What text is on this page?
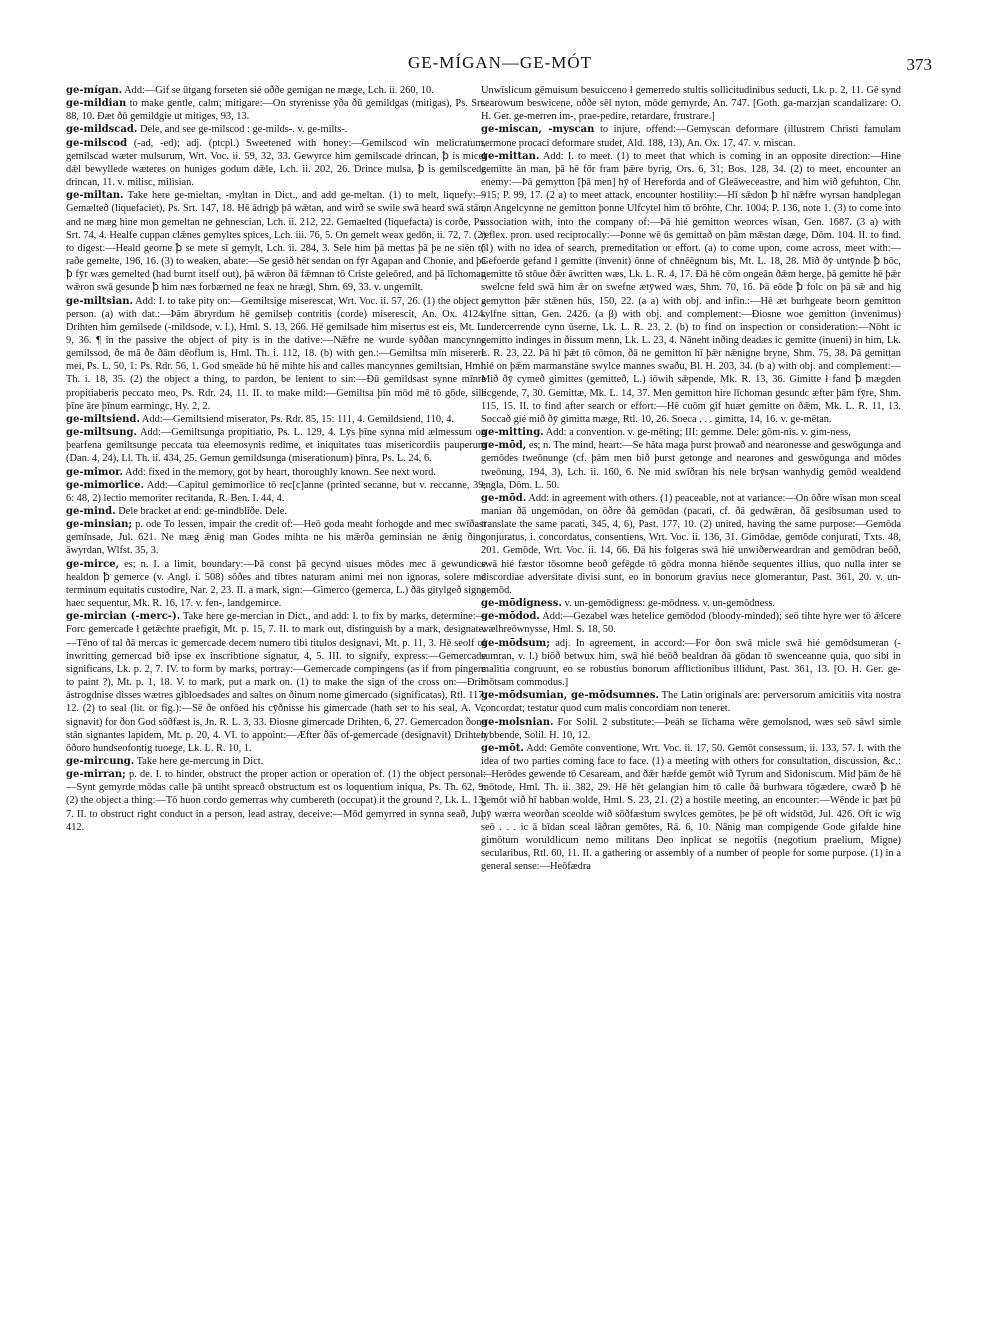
GE-MÍGAN—GE-MÓT	373

ge-mígan. Add:—Gif se ūtgang forseten sié oððe gemígan ne mæge, Lch. ii. 260, 10.

ge-mildian to make gentle, calm; mitigare:—On styrenisse ȳða ðū gemildgas (mitigas), Ps. Srt. 88, 10. Ðæt ðū gemildgie ut mitiges, 93, 13.

ge-mildscad. Dele, and see ge-milscod : ge-milds-. v. ge-milts-.

ge-milscod (-ad, -ed); adj. (ptcpl.) Sweetened with honey:—Gemilscod wīn melicratum, gemilscad wæter mulsurum, Wrt. Voc. ii. 59, 32, 33. Gewyrce him gemilscade drincan, ꝥ is micel dǣl bewyllede wæteres on huniges godum dǣle, Lch. ii. 202, 26. Drince mulsa, ꝥ is gemilscede drincan, 11. v. milisc, milisian.

ge-miltan. Take here ge-mieltan, -myltan in Dict., and add ge-meltan. (1) to melt, liquefy:—Gemælteð (liquefaciet), Ps. Srt. 147, 18. Hē ādrigþ þā wǣtan, and wirð se swile swā heard swā stān, and ne mæg hine mon gemeltan ne gehnescian, Lch. ii. 212, 22. Gemaelted (liquefacta) is corðe, Ps. Srt. 74, 4. Healfe cuppan clǣnes gemyltes spices, Lch. iii. 76, 5. On gemelt weax gedōn, ii. 72, 7. (2) to digest:—Heald georne ꝥ se mete sī gemylt, Lch. ii. 284, 3. Sele him þā mettas þā þe ne siēn tō raðe gemelte, 196, 16. (3) to weaken, abate:—Se gesið hēt sendan on fȳr Agapan and Chonie, and þā ꝥ fȳr wæs gemelted (had burnt itself out), þā wǣron ðā fǣmnan tō Criste geleōred, and þā līchoman wǣron swā gesunde ꝥ him næs forbærned ne feax ne hrægl, Shm. 69, 33. v. ungemilt.

ge-miltsian. Add: I. to take pity on:—Gemiltsige miserescat, Wrt. Voc. ii. 57, 26. (1) the object a person. (a) with dat.:—Þām ābryrdum hē gemilseþ contritis (corde) miserescit, An. Ox. 4124. Drihten him gemilsede (-mildsode, v. l.), Hml. S. 13, 266. Hē gemilsade him misertus est eis, Mt. L. 9, 36. ¶ in the passive the object of pity is in the dative:—Nǣfre ne wurde syððan mancynne gemilssod, ðe mā ðe ðām dēoflum is, Hml. Th. i. 112, 18. (b) with gen.:—Gemiltsa mīn miserere mei, Ps. L. 50, 1: Ps. Rdr. 56, 1. God smeāde hū hē mihte his and calles mancynnes gemiltsian, Hml. Th. i. 18, 35. (2) the object a thing, to pardon, be lenient to sin:—Ðū gemildsast synne mīnre propitiaberis peccato meo, Ps. Rdr. 24, 11. II. to make mild:—Gemiltsa þīn mōd mē tō gōde, sile þīne āre þīnum earmingc, Hy. 2, 2.

ge-miltsiend. Add:—Gemiltsiend miserator, Ps. Rdr. 85, 15: 111, 4. Gemildsiend, 110, 4.

ge-miltsung. Add:—Gemiltsunga propitiatio, Ps. L. 129, 4. Lȳs þīne synna mid ælmessum on þearfena gemiltsunge peccata tua eleemosynis redime, et iniquitates tuas misericordiis pauperum (Dan. 4, 24), Ll. Th. ii. 434, 25. Gemun gemildsunga (miserationum) þīnra, Ps. L. 24, 6.

ge-mimor. Add: fixed in the memory, got by heart, thoroughly known. See next word.

ge-mimorlice. Add:—Capitul gemimorlice tō rec[c]anne (printed secanne, but v. reccanne, 39, 6: 48, 2) lectio memoriter recitanda, R. Ben. I. 44, 4.

ge-mind. Dele bracket at end: ge-mindblīðe. Dele.

ge-minsian; p. ode To lessen, impair the credit of:—Heō goda meaht forhogde and mec swīðast gemīnsade, Jul. 621. Ne mæg ǣnig man Godes mihta ne his mǣrða geminsian ne ǣnig ðing āwyrdan, Wlfst. 35, 3.

ge-mirce, es; n. I. a limit, boundary:—Þā const þā gecynd uisues mōdes mec ā gewundice healdon ꝥ gemerce (v. Angl. i. 508) sōðes and tibtes naturam animi mei non ignoras, solere me terminum equitatis custodire, Nar. 2, 23. II. a mark, sign:—Gimerco (gemerca, L.) ðās gitylgeð signa haec sequentur, Mk. R. 16, 17. v. fen-, landgemirce.

ge-mircian (-merc-). Take here ge-mercian in Dict., and add: I. to fix by marks, determine:—Forc gemercade ł getǣchte praefigit, Mt. p. 15, 7. II. to mark out, distinguish by a mark, designate:—Tēno of tal ðā mercas ic gemercade decem numero tibi titulos designavi, Mt. p. 11, 3. Hē seolf of inwritting gemercad bið ipse ex inscribtione signatur, 4, 5. III. to signify, express:—Gemercade significans, Lk. p. 2, 7. IV. to form by marks, portray:—Gemercade compingens (as if from pingere to paint ?), Mt. p. 1, 18. V. to mark, put a mark on. (1) to make the sign of the cross on:—Ðrih āstrogdnise disses wætres gibloedsades and saltes on ðinum nome gimercado (significatas), Rtl. 117, 12. (2) to seal (lit. or fig.):—Sē ðe onfōed his cȳðnisse his gimercade (hath set to his seal, A. V.; signavit) for ðon God sōðfæst is, Jn. R. L. 3, 33. Ðiosne gimercade Drihten, 6, 27. Gemercadon ðone stān signantes lapidem, Mt. p. 20, 4. VI. to appoint:—Æfter ðās of-gemercade (designavit) Drihten ōðoro hundseofontig tuoege, Lk. L. R. 10, 1.

ge-mircung. Take here ge-mercung in Dict.

ge-mirran; p. de. I. to hinder, obstruct the proper action or operation of. (1) the object personal:—Synt gemyrde mōdas calle þā untiht spreacð obstructum est os loquentium iniqua, Ps. Th. 62, 9. (2) the object a thing:—Tō huon cordo gemerras why cumbereth (occupat) it the ground ?, Lk. L. 13, 7. II. to obstruct right conduct in a person, lead astray, deceive:—Mōd gemyrred in synna seað, Jul. 412.

Unwīslicum gēmuisum besuicceno ł gemerredo stultis sollicitudinibus seducti, Lk. p. 2, 11. Gē synd searowum beswicene, oððe sēl nyton, mōde gemyrde, An. 747. [Goth. ga-marzjan scandalizare: O. H. Ger. ge-merren im-, prae-pedire, retardare, frustrare.]

ge-miscan, -myscan to injure, offend:—Gemyscan deformare (illustrem Christi famulam sermone procaci deformare studet, Ald. 188, 13), An. Ox. 17, 47. v. miscan.

ge-mittan. Add: I. to meet. (1) to meet that which is coming in an opposite direction:—Hine gemitte ān man, þā hē fōr fram þǣre byrig, Ors. 6, 31; Bos. 128, 34. (2) to meet, encounter an enemy:—Þā gemytton [þā men] hȳ of Hereforda and of Gleāweceastre, and him wið gefuhton, Chr. 915; P. 99, 17. (2 a) to meet attack, encounter hostility:—Hī sǣdon ꝥ hī nǣfre wyrsan handplegan on Angelcynne ne gemitton þonne Ulfcytel him tō brōhte, Chr. 1004; P. 136, note 1. (3) to come into association with, into the company of:—Þā hié gemitton weorces wīsan, Gen. 1687. (3 a) with reflex. pron. used reciprocally:—Þonne wē ūs gemittað on þām mǣstan dæge, Dōm. 104. II. to find. (1) with no idea of search, premeditation or effort. (a) to come upon, come across, meet with:—Gefoerde gefand ł gemitte (invenit) ōnne of cħnēēgnum bis, Mt. L. 18, 28. Mið ðȳ untȳnde ꝥ bōc, gemitte tō stōue ðǣr āwritten wæs, Lk. L. R. 4, 17. Ðā hē cōm ongeān ðǣm herge, þā gemitte hē þǣr swelcne feld swā him ǣr on swefne ætȳwed wæs, Shm. 70, 16. Þā eōde ꝥ folc on þā sǣ and hig gemytton þǣr stǣnen hūs, 150, 22. (a a) with obj. and infin.:—Hē æt burhgeate beorn gemitton sylfne sittan, Gen. 2426. (a β) with obj. and complement:—Ðiosne woe gemitton (invenimus) undercerrende cynn ūserne, Lk. L. R. 23, 2. (b) to find on inspection or consideration:—Nōht ic gemitto indinges in ðissum menn, Lk. L. 23, 4. Nāneht inðing deadæs ic gemitte (inueni) in him, Lk. L. R. 23, 22. Þā hī þǣt tō cōmon, ðā ne gemitton hī þǣr nǣnigne bryne, Shm. 75, 38. Þā gemittan hié on þǣm marmanstāne swylce mannes swaðu, Bl. H. 203, 34. (b a) with obj. and complement:—Mið ðȳ cymeð gimittes (gemitteð, L.) iōwih sǣpende, Mk. R. 13, 36. Gimitte ł fand ꝥ mægden licgende, 7, 30. Gemittæ, Mk. L. 14, 37. Men gemitton hire līchoman gesundc æfter þām fȳre, Shm. 115, 15. II. to find after search or effort:—Hē cuōm gif huæt gemitte on ðǣm, Mk. L. R. 11, 13. Soccað gié mið ðȳ gimitta mæge, Rtl. 10, 26. Soeca . . . gimitta, 14, 16. v. ge-mētan.

ge-mitting. Add: a convention. v. ge-mēting; III: gemme. Dele: gōm-nis. v. gim-ness,

ge-mōd, es; n. The mind, heart:—Se hāta maga þurst þrowað and nearonesse and geswōgunga and gemōdes tweōnunge (cf. þām men bið þurst getonge and nearones and geswōgunga and mōdes tweōnung, 194, 3), Lch. ii. 160, 6. Ne mid swīðran his nele brȳsan wanhydig gemōd wealdend engla, Dōm. L. 50.

ge-mōd. Add: in agreement with others. (1) peaceable, not at variance:—On ōðre wīsan mon sceal manian ðā ungemōdan, on ōðre ðā gemōdan (pacati, cf. ðā gedwǣran, ðā gesibsuman used to translate the same pacati, 345, 4, 6), Past. 177, 10. (2) united, having the same purpose:—Gemōda conjuratus, i. concordatus, consentiens, Wrt. Voc. ii. 136, 31. Gimōdae, gemōde conjurati, Txts. 48, 201. Gemōde, Wrt. Voc. ii. 14, 66. Ðā his folgeras swā hié unwiðerweardran and gemōdran beōð, swā hié fæstor tōsomne beoð gefēgde tō gōdra monna hiēnðe sequentes illius, quo nulla inter se discordiae adversitate divisi sunt, eo in bonorum gravius nece glomerantur, Past. 361, 20. v. un-gemōd.

ge-mōdigness. v. un-gemōdigness: ge-mōdness. v. un-gemōdness.

ge-mōdod. Add:—Gezabel wæs hetelice gemōdod (bloody-minded); seō tihte hyre wer tō ǣlcere wælhreōwnysse, Hml. S. 18, 50.

ge-mōdsum; adj. In agreement, in accord:—For ðon swā micle swā hié gemōdsumeran (-sumran, v. l.) biōð betwux him, swā hié beōð bealdran ðā gōdan tō swenceanne quia, quo sibi in malitia congruunt, eo se robustius bonorum afflictionibus illidunt, Past. 361, 13. [O. H. Ger. ge-mōtsam commodus.]

ge-mōdsumian, ge-mōdsumnes. The Latin originals are: perversorum amicitiis vita nostra concordat; testatur quod cum malis concordiam non teneret.

ge-molsnian. For Solil. 2 substitute:—Þeáh se līchama wēre gemolsnod, wæs seō sāwl simle lybbende, Solil. H. 10, 12.

ge-mōt. Add: Gemōte conventione, Wrt. Voc. ii. 17, 50. Gemōt consessum, ii. 133, 57. I. with the idea of two parties coming face to face. (1) a meeting with others for consultation, discussion, &c.:—Herōdes gewende tō Cesaream, and ðǣr hæfde gemōt wið Tyrum and Sidoniscum. Mid þām ðe hē mōtode, Hml. Th. ii. 382, 29. Hē hēt gelangian him tō calle ðā burhwara tōgædere, cwæð ꝥ hē gemōt wið hī habban wolde, Hml. S. 23, 21. (2) a hostile meeting, an encounter:—Wēnde ic þæt þū þȳ wærra weorðan sceolde wið sōðfæstum swylces gemōtes, þe þē oft widstōd, Jul. 426. Oft ic wīg seō . . . ic ā bīdan sceal lāðran gemōtes, Rā. 6, 10. Nānig man compigende Gode gifalde hine gimōtum woruldlicum nemo militans Deo inplicat se negotiis (negotium praelium, Migne) secularibus, Rtl. 60, 11. II. a gathering or assembly of a number of people for some purpose. (1) in a general sense:—Heōfædra
